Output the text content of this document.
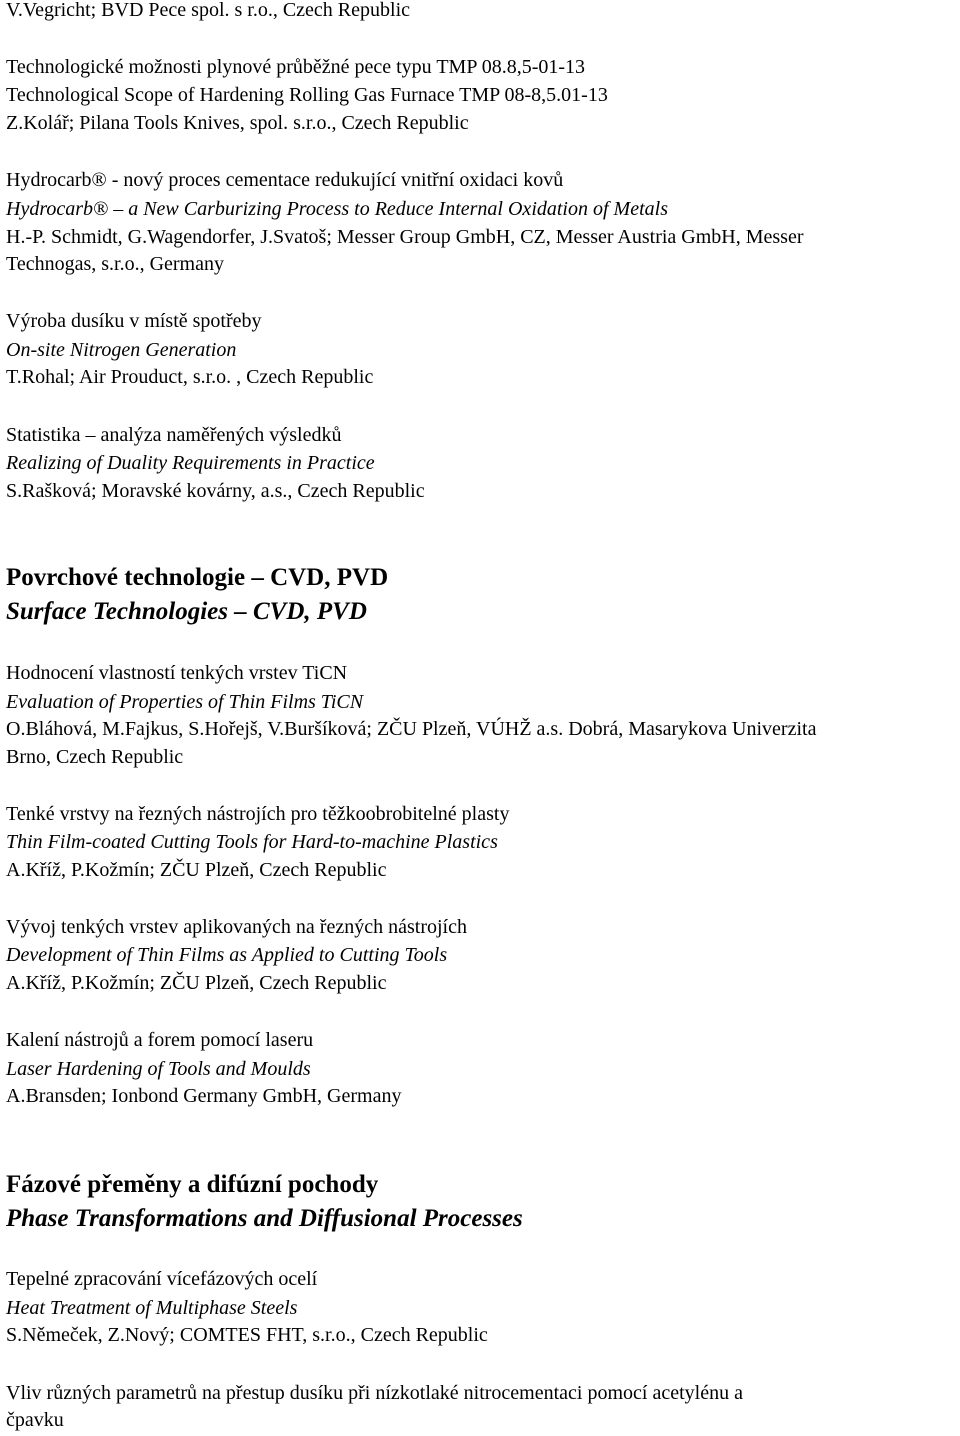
V.Vegricht; BVD Pece spol. s r.o., Czech Republic
Technologické možnosti plynové průběžné pece typu TMP 08.8,5-01-13
Technological Scope of Hardening Rolling Gas Furnace TMP 08-8,5.01-13
Z.Kolář; Pilana Tools Knives, spol. s.r.o., Czech Republic
Hydrocarb® - nový proces cementace redukující vnitřní oxidaci kovů
Hydrocarb® – a New Carburizing Process to Reduce Internal Oxidation of Metals
H.-P. Schmidt, G.Wagendorfer, J.Svatoš; Messer Group GmbH, CZ, Messer Austria GmbH, Messer
Technogas, s.r.o., Germany
Výroba dusíku v místě spotřeby
On-site Nitrogen Generation
T.Rohal; Air Prouduct, s.r.o. , Czech Republic
Statistika – analýza naměřených výsledků
Realizing of Duality Requirements in Practice
S.Rašková; Moravské kovárny, a.s., Czech Republic
Povrchové technologie – CVD, PVD
Surface Technologies – CVD, PVD
Hodnocení vlastností tenkých vrstev TiCN
Evaluation of Properties of Thin Films TiCN
O.Bláhová, M.Fajkus, S.Hořejš, V.Buršíková; ZČU Plzeň, VÚHŽ a.s. Dobrá, Masarykova Univerzita
Brno, Czech Republic
Tenké vrstvy na řezných nástrojích pro těžkoobrobitelné plasty
Thin Film-coated Cutting Tools for Hard-to-machine Plastics
A.Kříž, P.Kožmín; ZČU Plzeň, Czech Republic
Vývoj tenkých vrstev aplikovaných na řezných nástrojích
Development of Thin Films as Applied to Cutting Tools
A.Kříž, P.Kožmín; ZČU Plzeň, Czech Republic
Kalení nástrojů a forem pomocí laseru
Laser Hardening of Tools and Moulds
A.Bransden; Ionbond Germany GmbH, Germany
Fázové přeměny a difúzní pochody
Phase Transformations and Diffusional Processes
Tepelné zpracování vícefázových ocelí
Heat Treatment of Multiphase Steels
S.Němeček, Z.Nový; COMTES FHT, s.r.o., Czech Republic
Vliv různých parametrů na přestup dusíku při nízkotlaké nitrocementaci pomocí acetylénu a
čpavku
